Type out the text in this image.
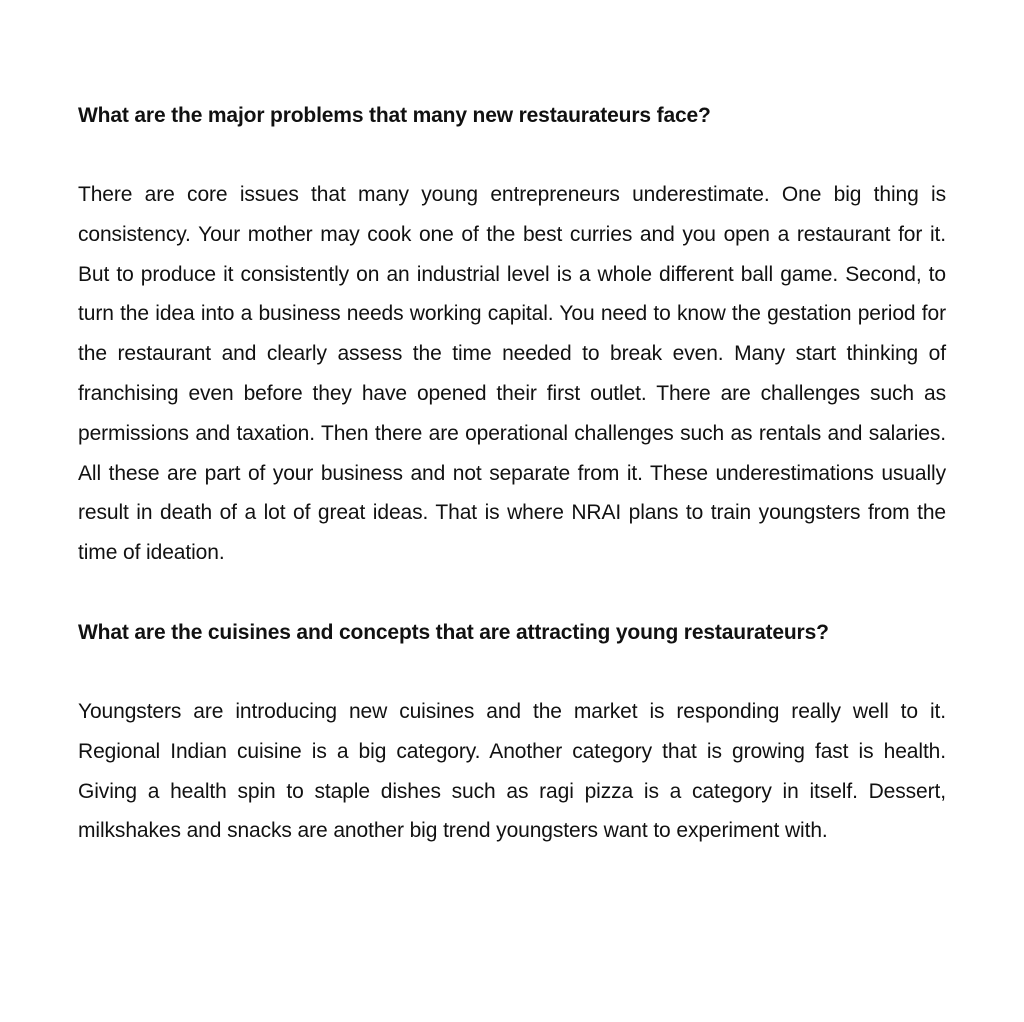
What are the major problems that many new restaurateurs face?

There are core issues that many young entrepreneurs underestimate. One big thing is consistency. Your mother may cook one of the best curries and you open a restaurant for it. But to produce it consistently on an industrial level is a whole different ball game. Second, to turn the idea into a business needs working capital. You need to know the gestation period for the restaurant and clearly assess the time needed to break even. Many start thinking of franchising even before they have opened their first outlet. There are challenges such as permissions and taxation. Then there are operational challenges such as rentals and salaries. All these are part of your business and not separate from it. These underestimations usually result in death of a lot of great ideas. That is where NRAI plans to train youngsters from the time of ideation.

What are the cuisines and concepts that are attracting young restaurateurs?

Youngsters are introducing new cuisines and the market is responding really well to it. Regional Indian cuisine is a big category. Another category that is growing fast is health. Giving a health spin to staple dishes such as ragi pizza is a category in itself. Dessert, milkshakes and snacks are another big trend youngsters want to experiment with.
